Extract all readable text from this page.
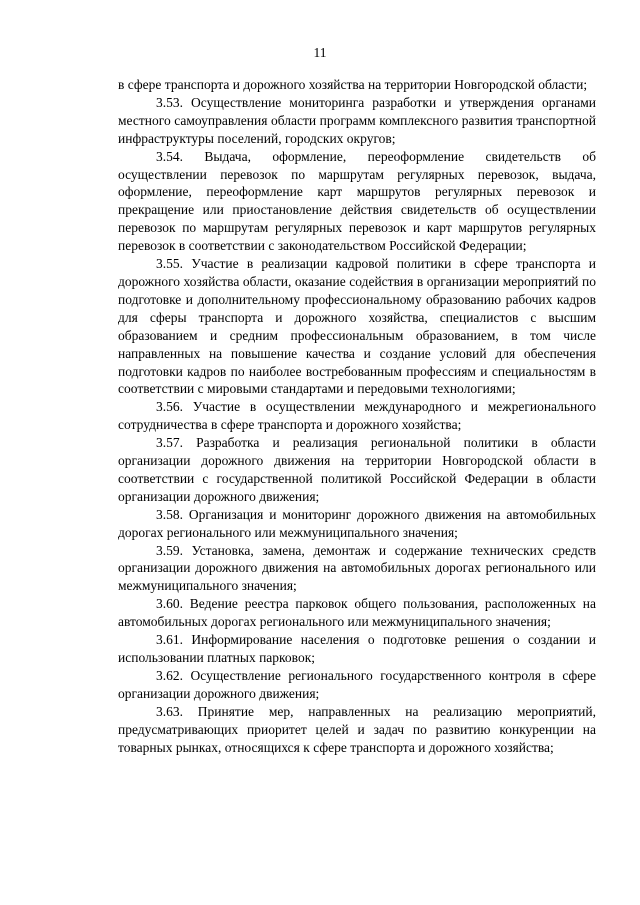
11

в сфере транспорта и дорожного хозяйства на территории Новгородской области;

3.53. Осуществление мониторинга разработки и утверждения органами местного самоуправления области программ комплексного развития транспортной инфраструктуры поселений, городских округов;

3.54. Выдача, оформление, переоформление свидетельств об осуществлении перевозок по маршрутам регулярных перевозок, выдача, оформление, переоформление карт маршрутов регулярных перевозок и прекращение или приостановление действия свидетельств об осуществлении перевозок по маршрутам регулярных перевозок и карт маршрутов регулярных перевозок в соответствии с законодательством Российской Федерации;

3.55. Участие в реализации кадровой политики в сфере транспорта и дорожного хозяйства области, оказание содействия в организации мероприятий по подготовке и дополнительному профессиональному образованию рабочих кадров для сферы транспорта и дорожного хозяйства, специалистов с высшим образованием и средним профессиональным образованием, в том числе направленных на повышение качества и создание условий для обеспечения подготовки кадров по наиболее востребованным профессиям и специальностям в соответствии с мировыми стандартами и передовыми технологиями;

3.56. Участие в осуществлении международного и межрегионального сотрудничества в сфере транспорта и дорожного хозяйства;

3.57. Разработка и реализация региональной политики в области организации дорожного движения на территории Новгородской области в соответствии с государственной политикой Российской Федерации в области организации дорожного движения;

3.58. Организация и мониторинг дорожного движения на автомобильных дорогах регионального или межмуниципального значения;

3.59. Установка, замена, демонтаж и содержание технических средств организации дорожного движения на автомобильных дорогах регионального или межмуниципального значения;

3.60. Ведение реестра парковок общего пользования, расположенных на автомобильных дорогах регионального или межмуниципального значения;

3.61. Информирование населения о подготовке решения о создании и использовании платных парковок;

3.62. Осуществление регионального государственного контроля в сфере организации дорожного движения;

3.63. Принятие мер, направленных на реализацию мероприятий, предусматривающих приоритет целей и задач по развитию конкуренции на товарных рынках, относящихся к сфере транспорта и дорожного хозяйства;
